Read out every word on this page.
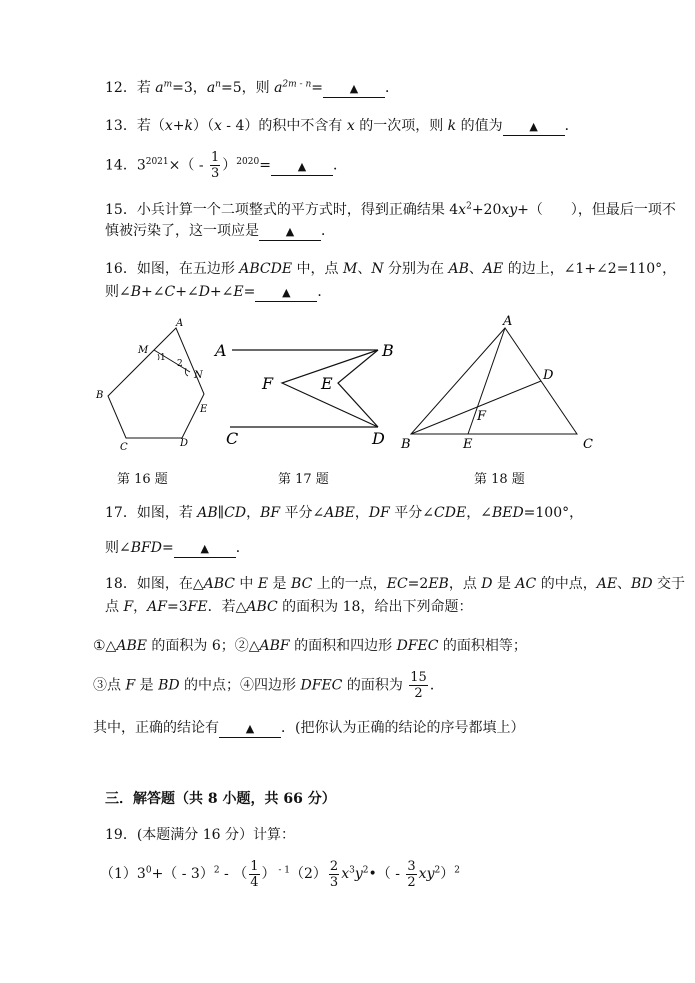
12．若 $a^m=3$，$a^n=5$，则 $a^{2m - n}=$ ▲ ．
13．若（x+k）（x - 4）的积中不含有 x 的一次项，则 k 的值为 ▲ ．
14．$3^{2021}\times( - \frac{1}{3} )^{2020}=$ ▲ ．
15．小兵计算一个二项整式的平方式时，得到正确结果 $4x^2+20xy+$（　　），但最后一项不
慎被污染了，这一项应是 ▲ ．
16．如图，在五边形 ABCDE 中，点 M、N 分别为在 AB、AE 的边上，∠1+∠2=110°，
则∠B+∠C+∠D+∠E= ▲ ．
A
M
1
2
N
B
E
C	D
A	B
F	E
C	D
A
D
F
B	E	C
第 16 题	第 17 题	第 18 题
17．如图，若 AB∥CD，BF 平分∠ABE，DF 平分∠CDE，∠BED=100°，
则∠BFD= ▲ ．
18．如图，在△ABC 中 E 是 BC 上的一点，EC=2EB，点 D 是 AC 的中点，AE、BD 交于
点 F，AF=3FE．若△ABC 的面积为 18，给出下列命题：
①△ABE 的面积为 6；②△ABF 的面积和四边形 DFEC 的面积相等；
③点 F 是 BD 的中点；④四边形 DFEC 的面积为 $\frac{15}{2}$ ．
其中，正确的结论有 ▲ ．(把你认为正确的结论的序号都填上）
三．解答题（共 8 小题，共 66 分）
19．(本题满分 16 分）计算：
$(1)3^0+( - 3)^2$ - （ $\frac{1}{4}$ ） $^{- 1}(2) \frac{2}{3}$ $x^3y^2•( - \frac{3}{2} xy^2)^2$
